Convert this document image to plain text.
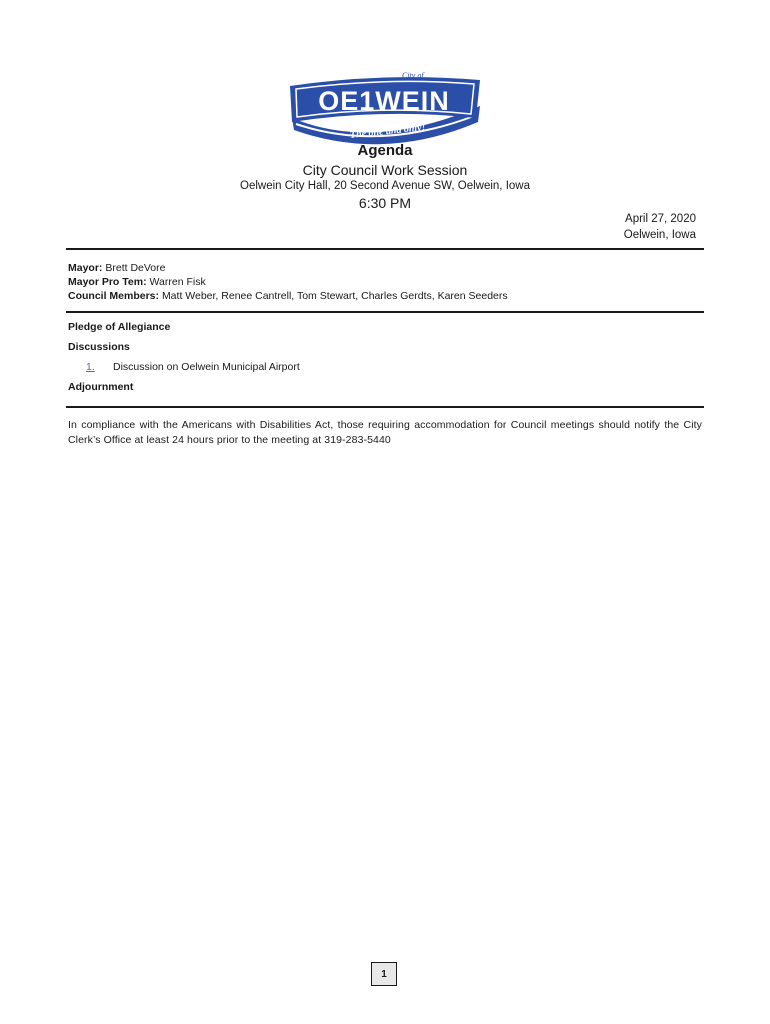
OE1WEIN
City of
The one and only!
Agenda
City Council Work Session
Oelwein City Hall, 20 Second Avenue SW, Oelwein, Iowa
6:30 PM
April 27, 2020
Oelwein, Iowa
Mayor: Brett DeVore
Mayor Pro Tem: Warren Fisk
Council Members: Matt Weber, Renee Cantrell, Tom Stewart, Charles Gerdts, Karen Seeders
Pledge of Allegiance
Discussions
1. Discussion on Oelwein Municipal Airport
Adjournment
In compliance with the Americans with Disabilities Act, those requiring accommodation for Council meetings should notify the City Clerk’s Office at least 24 hours prior to the meeting at 319-283-5440
1
